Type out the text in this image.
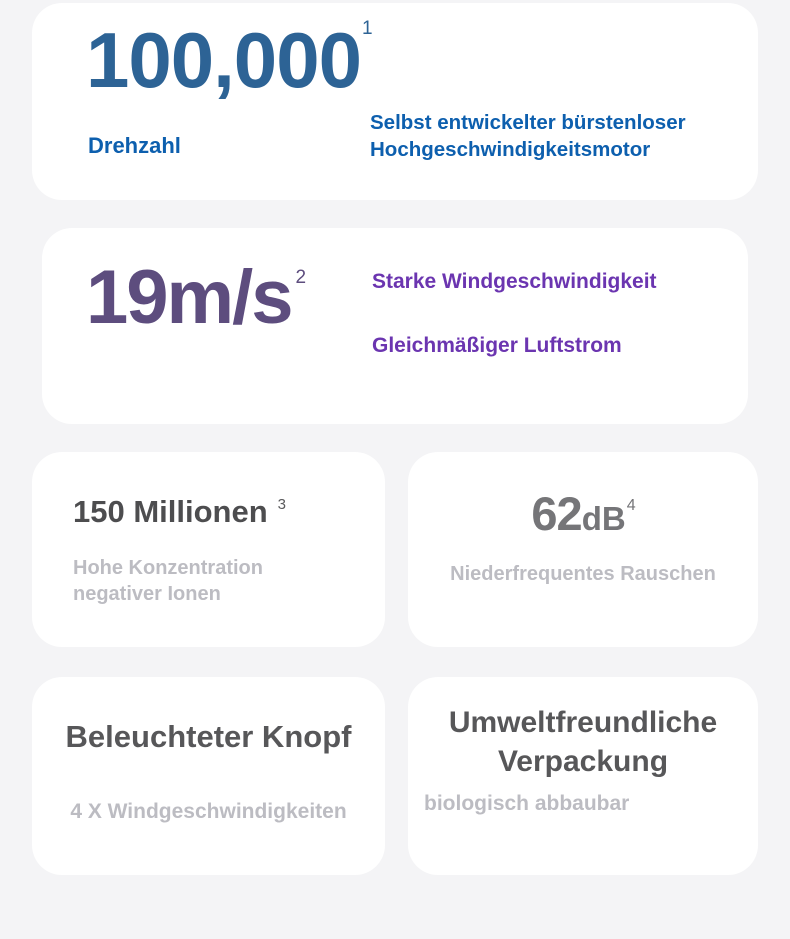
100,000$^1$
Drehzahl
Selbst entwickelter bürstenloser Hochgeschwindigkeitsmotor
19m/s $^2$	Starke Windgeschwindigkeit
Gleichmäßiger Luftstrom
150 Millionen $^3$
Hohe Konzentration negativer Ionen
62dB4
Niederfrequentes Rauschen
Beleuchteter Knopf
4 X Windgeschwindigkeiten
Umweltfreundliche Verpackung
biologisch abbaubar
